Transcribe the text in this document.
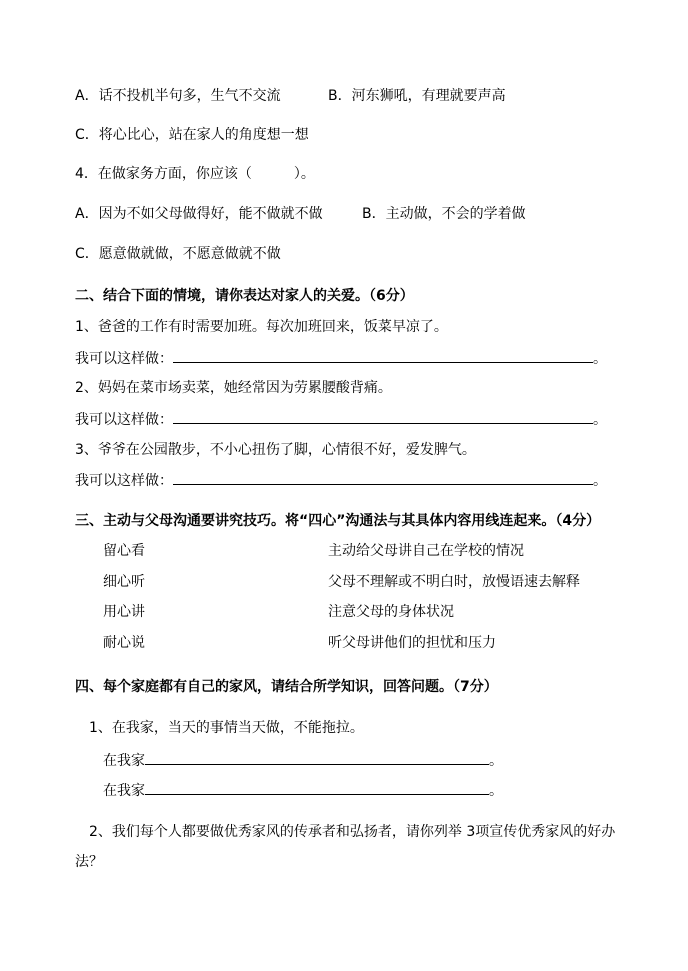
A．话不投机半句多，生气不交流	B．河东狮吼，有理就要声高
C．将心比心，站在家人的角度想一想
4．在做家务方面，你应该（　　　）。
A．因为不如父母做得好，能不做就不做	B．主动做，不会的学着做
C．愿意做就做，不愿意做就不做
二、结合下面的情境，请你表达对家人的关爱。（6分）
1、爸爸的工作有时需要加班。每次加班回来，饭菜早凉了。
我可以这样做：	。
2、妈妈在菜市场卖菜，她经常因为劳累腰酸背痛。
我可以这样做：	。
3、爷爷在公园散步，不小心扭伤了脚，心情很不好，爱发脾气。
我可以这样做：	。
三、主动与父母沟通要讲究技巧。将“四心”沟通法与其具体内容用线连起来。（4分）
留心看	主动给父母讲自己在学校的情况
细心听	父母不理解或不明白时，放慢语速去解释
用心讲	注意父母的身体状况
耐心说	听父母讲他们的担忧和压力
四、每个家庭都有自己的家风，请结合所学知识，回答问题。（7分）
1、在我家，当天的事情当天做，不能拖拉。
在我家	。
在我家	。
2、我们每个人都要做优秀家风的传承者和弘扬者，请你列举 3项宣传优秀家风的好办
法？
